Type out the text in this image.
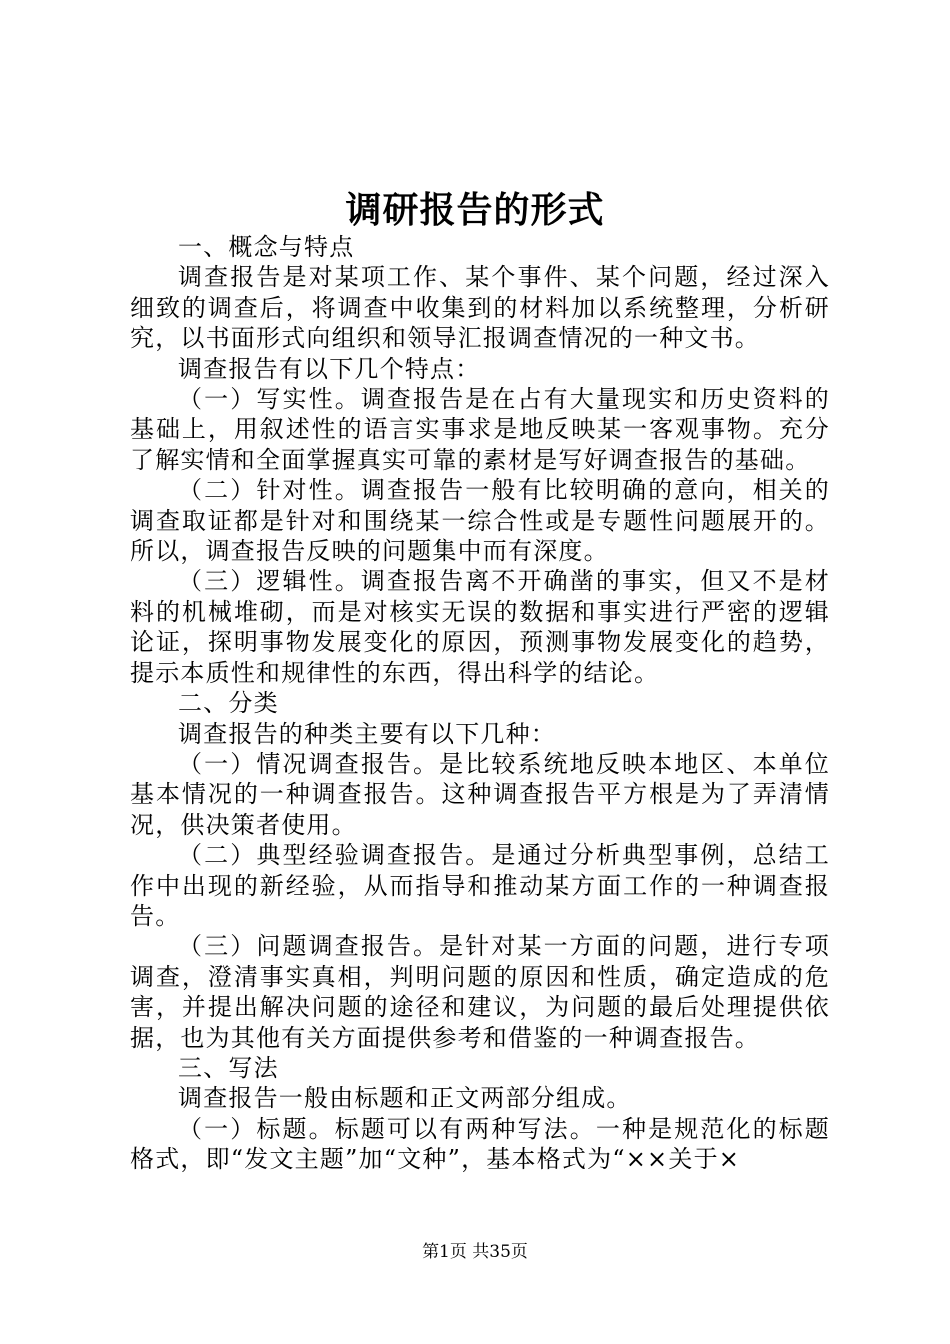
调研报告的形式

一、概念与特点

调查报告是对某项工作、某个事件、某个问题，经过深入细致的调查后，将调查中收集到的材料加以系统整理，分析研究，以书面形式向组织和领导汇报调查情况的一种文书。

调查报告有以下几个特点：

（一）写实性。调查报告是在占有大量现实和历史资料的基础上，用叙述性的语言实事求是地反映某一客观事物。充分了解实情和全面掌握真实可靠的素材是写好调查报告的基础。

（二）针对性。调查报告一般有比较明确的意向，相关的调查取证都是针对和围绕某一综合性或是专题性问题展开的。所以，调查报告反映的问题集中而有深度。

（三）逻辑性。调查报告离不开确凿的事实，但又不是材料的机械堆砌，而是对核实无误的数据和事实进行严密的逻辑论证，探明事物发展变化的原因，预测事物发展变化的趋势，提示本质性和规律性的东西，得出科学的结论。

二、分类

调查报告的种类主要有以下几种：

（一）情况调查报告。是比较系统地反映本地区、本单位基本情况的一种调查报告。这种调查报告平方根是为了弄清情况，供决策者使用。

（二）典型经验调查报告。是通过分析典型事例，总结工作中出现的新经验，从而指导和推动某方面工作的一种调查报告。

（三）问题调查报告。是针对某一方面的问题，进行专项调查，澄清事实真相，判明问题的原因和性质，确定造成的危害，并提出解决问题的途径和建议，为问题的最后处理提供依据，也为其他有关方面提供参考和借鉴的一种调查报告。

三、写法

调查报告一般由标题和正文两部分组成。

（一）标题。标题可以有两种写法。一种是规范化的标题格式，即“发文主题”加“文种”，基本格式为“××关于×

第1页 共35页
